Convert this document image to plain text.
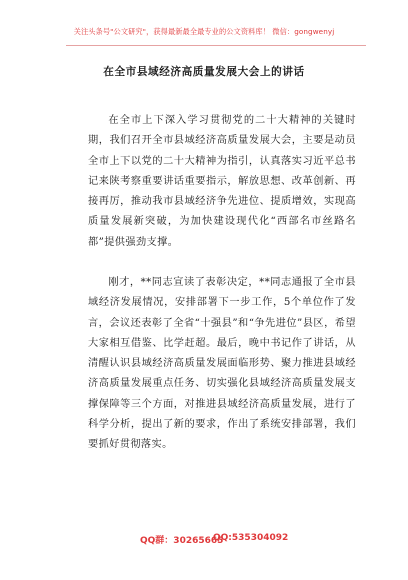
关注头条号"公文研究"，获得最新最全最专业的公文资料库！ 微信：gongwenyj
在全市县域经济高质量发展大会上的讲话

在全市上下深入学习贯彻党的二十大精神的关键时期，我们召开全市县域经济高质量发展大会，主要是动员全市上下以党的二十大精神为指引，认真落实习近平总书记来陕考察重要讲话重要指示，解放思想、改革创新、再接再厉，推动我市县域经济争先进位、提质增效，实现高质量发展新突破，为加快建设现代化“西部名市丝路名都”提供强劲支撑。

刚才，**同志宣读了表彰决定，**同志通报了全市县域经济发展情况，安排部署下一步工作，5个单位作了发言，会议还表彰了全省“十强县”和“争先进位”县区，希望大家相互借鉴、比学赶超。最后，晚中书记作了讲话，从清醒认识县域经济高质量发展面临形势、聚力推进县域经济高质量发展重点任务、切实强化县域经济高质量发展支撑保障等三个方面，对推进县域经济高质量发展，进行了科学分析，提出了新的要求，作出了系统安排部署，我们要抓好贯彻落实。

QQ群：30265665
QQ:535304092
